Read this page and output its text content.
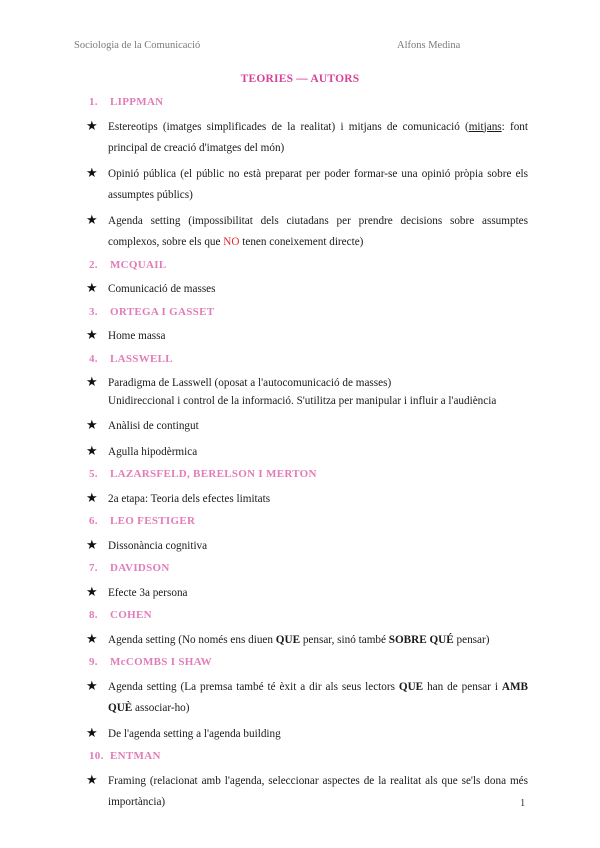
Sociologia de la Comunicació	Alfons Medina
TEORIES — AUTORS
1.	LIPPMAN
★ Estereotips (imatges simplificades de la realitat) i mitjans de comunicació (mitjans: font principal de creació d'imatges del món)
★ Opinió pública (el públic no està preparat per poder formar-se una opinió pròpia sobre els assumptes públics)
★ Agenda setting (impossibilitat dels ciutadans per prendre decisions sobre assumptes complexos, sobre els que NO tenen coneixement directe)
2.	MCQUAIL
★ Comunicació de masses
3.	ORTEGA I GASSET
★ Home massa
4.	LASSWELL
★ Paradigma de Lasswell (oposat a l'autocomunicació de masses)
Unidireccional i control de la informació. S'utilitza per manipular i influir a l'audiència
★ Anàlisi de contingut
★ Agulla hipodèrmica
5.	LAZARSFELD, BERELSON I MERTON
★ 2a etapa: Teoria dels efectes limitats
6.	LEO FESTIGER
★ Dissonància cognitiva
7.	DAVIDSON
★ Efecte 3a persona
8.	COHEN
★ Agenda setting (No només ens diuen QUE pensar, sinó també SOBRE QUÉ pensar)
9.	McCOMBS I SHAW
★ Agenda setting (La premsa també té èxit a dir als seus lectors QUE han de pensar i AMB QUÈ associar-ho)
★ De l'agenda setting a l'agenda building
10. ENTMAN
★ Framing (relacionat amb l'agenda, seleccionar aspectes de la realitat als que se'ls dona més importància)	1
